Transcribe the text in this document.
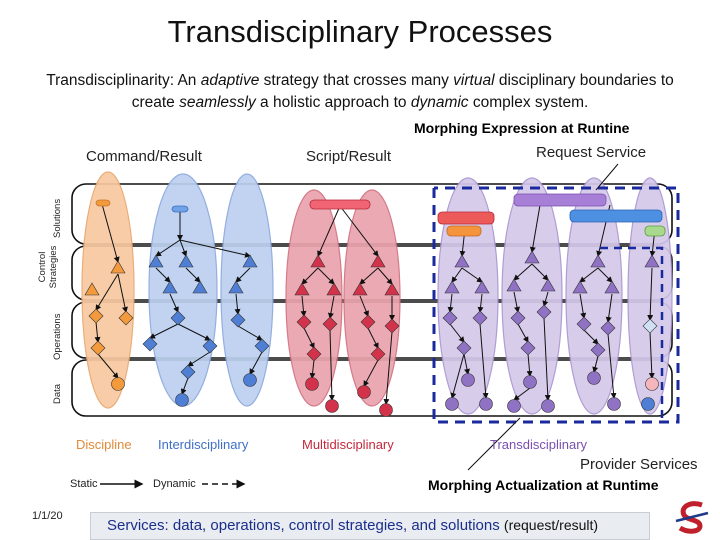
Transdisciplinary Processes
Transdisciplinarity: An adaptive strategy that crosses many virtual disciplinary boundaries to
create seamlessly a holistic approach to dynamic complex system.
Morphing Expression at Runtine
Request Service
Command/Result	Script/Result
Solutions
Control Strategies
Operations
Data
Discipline Interdisciplinary	Multidisciplinary	Transdisciplinary
Provider Services
Morphing Actualization at Runtime
Static	Dynamic
1/1/20
Services: data, operations, control strategies, and solutions (request/result)
